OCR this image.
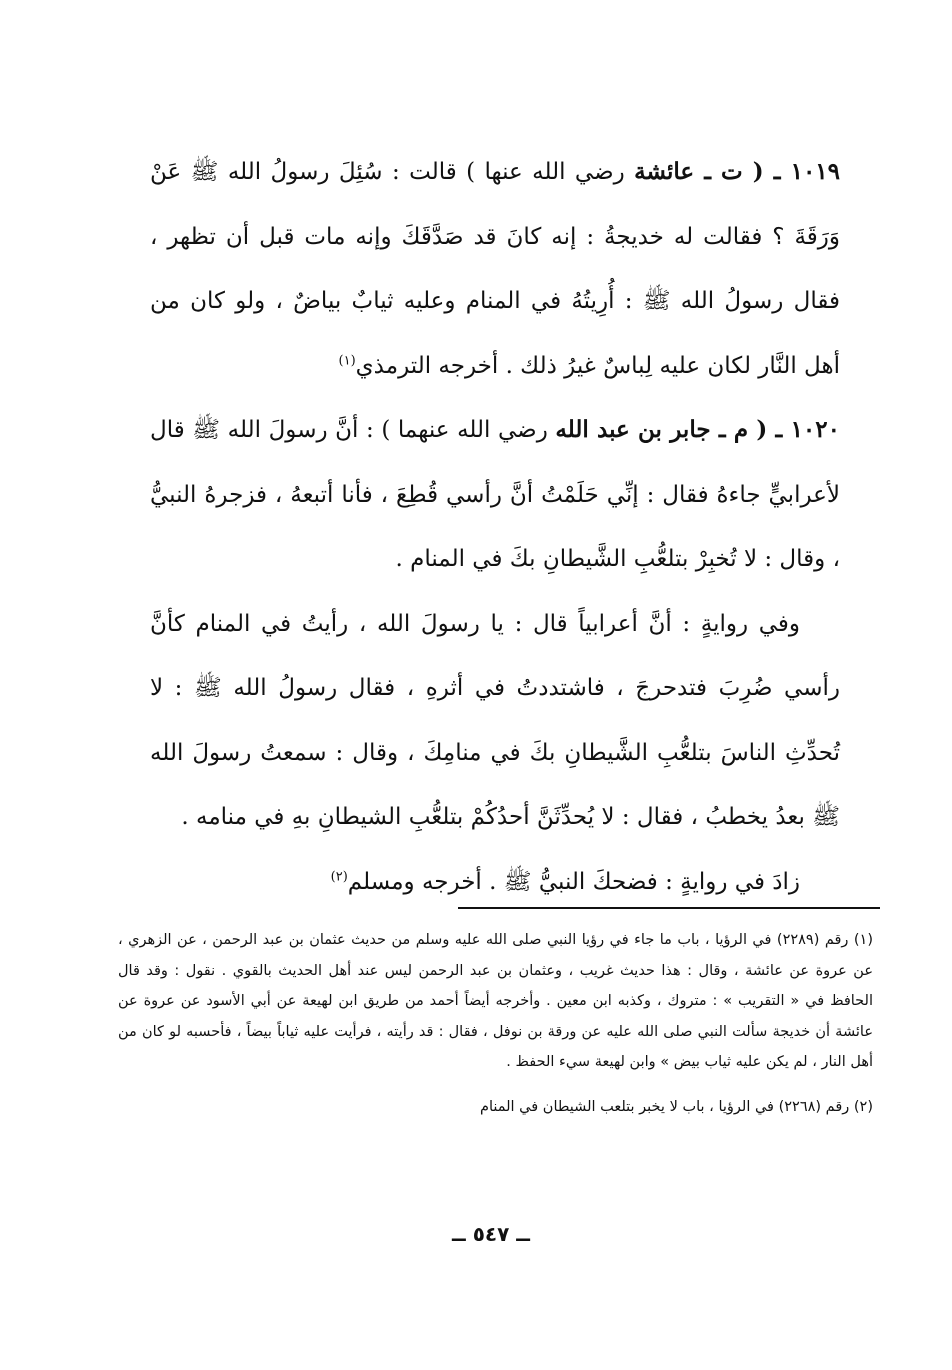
١٠١٩ ـ ( ت ـ عائشة رضي الله عنها ) قالت : سُئِلَ رسولُ الله ﷺ عَنْ وَرَقَةَ ؟ فقالت له خديجةُ : إنه كانَ قد صَدَّقَكَ وإنه مات قبل أن تظهر ، فقال رسولُ الله ﷺ : أُرِيتُهُ في المنام وعليه ثيابٌ بياضٌ ، ولو كان من أهل النَّار لكان عليه لِباسٌ غيرُ ذلك . أخرجه الترمذي$^{(١)}$

١٠٢٠ ـ ( م ـ جابر بن عبد الله رضي الله عنهما ) : أنَّ رسولَ الله ﷺ قال لأعرابيٍّ جاءهُ فقال : إنِّي حَلَمْتُ أنَّ رأسي قُطِعَ ، فأنا أتبعهُ ، فزجرهُ النبيُّ ، وقال : لا تُخبِرْ بتلعُّبِ الشَّيطانِ بكَ في المنام .

وفي روايةٍ : أنَّ أعرابياً قال : يا رسولَ الله ، رأيتُ في المنام كأنَّ رأسي ضُرِبَ فتدحرجَ ، فاشتددتُ في أثرهِ ، فقال رسولُ الله ﷺ : لا تُحدِّثِ الناسَ بتلعُّبِ الشَّيطانِ بكَ في منامِكَ ، وقال : سمعتُ رسولَ الله ﷺ بعدُ يخطبُ ، فقال : لا يُحدِّثَنَّ أحدُكُمْ بتلعُّبِ الشيطانِ بهِ في منامه .

زادَ في روايةٍ : فضحكَ النبيُّ ﷺ . أخرجه ومسلم$^{(٢)}$

(١) رقم (٢٢٨٩) في الرؤيا ، باب ما جاء في رؤيا النبي صلى الله عليه وسلم من حديث عثمان بن عبد الرحمن ، عن الزهري ، عن عروة عن عائشة ، وقال : هذا حديث غريب ، وعثمان بن عبد الرحمن ليس عند أهل الحديث بالقوي . نقول : وقد قال الحافظ في « التقريب » : متروك ، وكذبه ابن معين . وأخرجه أيضاً أحمد من طريق ابن لهيعة عن أبي الأسود عن عروة عن عائشة أن خديجة سألت النبي صلى الله عليه عن ورقة بن نوفل ، فقال : قد رأيته ، فرأيت عليه ثياباً بيضاً ، فأحسبه لو كان من أهل النار ، لم يكن عليه ثياب بيض » وابن لهيعة سيء الحفظ .

(٢) رقم (٢٢٦٨) في الرؤيا ، باب لا يخبر بتلعب الشيطان في المنام

ــ ٥٤٧ ــ
